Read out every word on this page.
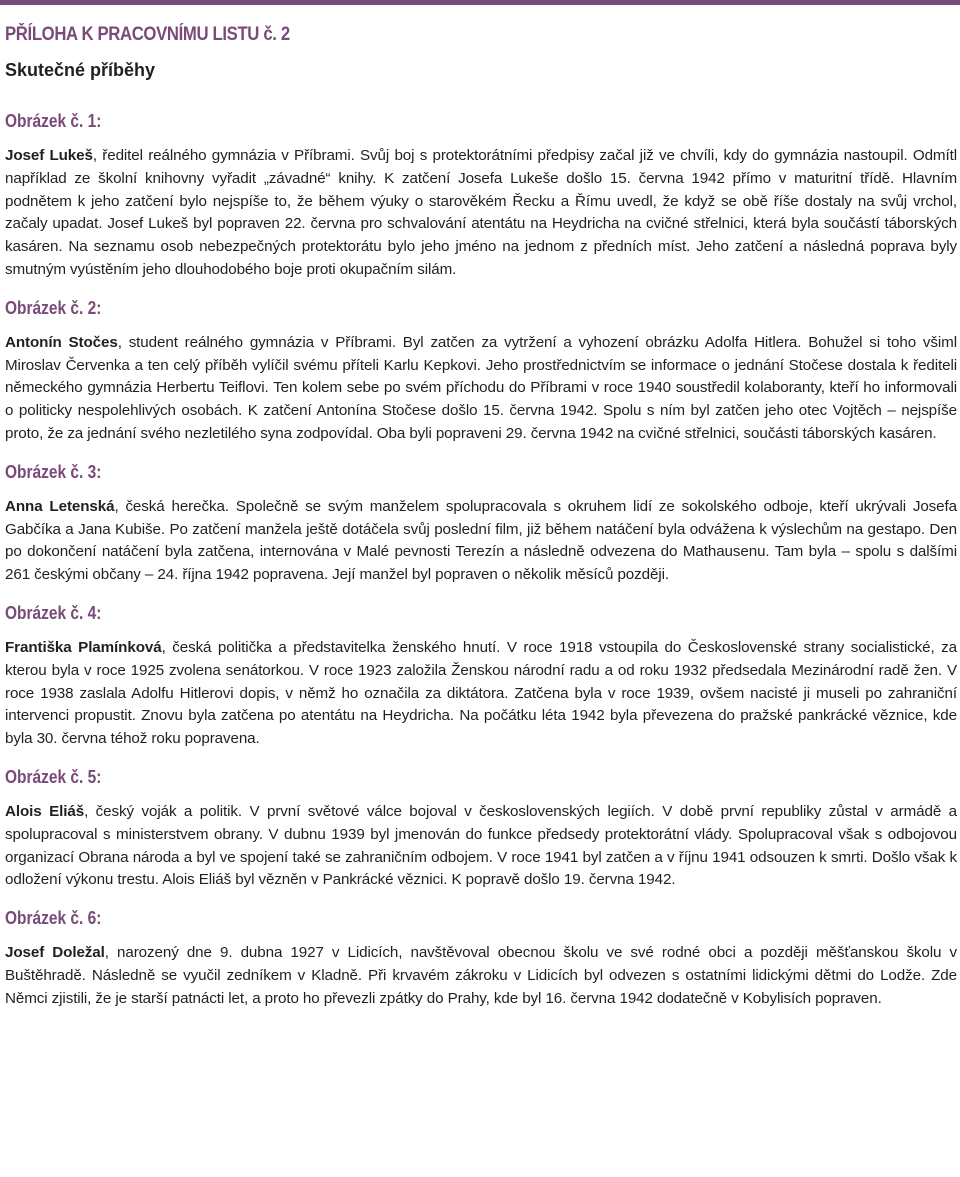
PŘÍLOHA K PRACOVNÍMU LISTU č. 2
Skutečné příběhy
Obrázek č. 1:

Josef Lukeš, ředitel reálného gymnázia v Příbrami. Svůj boj s protektorátními předpisy začal již ve chvíli, kdy do gymnázia nastoupil. Odmítl například ze školní knihovny vyřadit „závadné“ knihy. K zatčení Josefa Lukeše došlo 15. června 1942 přímo v maturitní třídě. Hlavním podnětem k jeho zatčení bylo nejspíše to, že během výuky o starověkém Řecku a Římu uvedl, že když se obě říše dostaly na svůj vrchol, začaly upadat. Josef Lukeš byl popraven 22. června pro schvalování atentátu na Heydricha na cvičné střelnici, která byla součástí táborských kasáren. Na seznamu osob nebezpečných protektorátu bylo jeho jméno na jednom z předních míst. Jeho zatčení a následná poprava byly smutným vyústěním jeho dlouhodobého boje proti okupačním silám.

Obrázek č. 2:

Antonín Stočes, student reálného gymnázia v Příbrami. Byl zatčen za vytržení a vyhození obrázku Adolfa Hitlera. Bohužel si toho všiml Miroslav Červenka a ten celý příběh vylíčil svému příteli Karlu Kepkovi. Jeho prostřednictvím se informace o jednání Stočese dostala k řediteli německého gymnázia Herbertu Teiflovi. Ten kolem sebe po svém příchodu do Příbrami v roce 1940 soustředil kolaboranty, kteří ho informovali o politicky nespolehlivých osobách. K zatčení Antonína Stočese došlo 15. června 1942. Spolu s ním byl zatčen jeho otec Vojtěch – nejspíše proto, že za jednání svého nezletilého syna zodpovídal. Oba byli popraveni 29. června 1942 na cvičné střelnici, součásti táborských kasáren.

Obrázek č. 3:

Anna Letenská, česká herečka. Společně se svým manželem spolupracovala s okruhem lidí ze sokolského odboje, kteří ukrývali Josefa Gabčíka a Jana Kubiše. Po zatčení manžela ještě dotáčela svůj poslední film, již během natáčení byla odvážena k výslechům na gestapo. Den po dokončení natáčení byla zatčena, internována v Malé pevnosti Terezín a následně odvezena do Mathausenu. Tam byla – spolu s dalšími 261 českými občany – 24. října 1942 popravena. Její manžel byl popraven o několik měsíců později.

Obrázek č. 4:

Františka Plamínková, česká politička a představitelka ženského hnutí. V roce 1918 vstoupila do Československé strany socialistické, za kterou byla v roce 1925 zvolena senátorkou. V roce 1923 založila Ženskou národní radu a od roku 1932 předsedala Mezinárodní radě žen. V roce 1938 zaslala Adolfu Hitlerovi dopis, v němž ho označila za diktátora. Zatčena byla v roce 1939, ovšem nacisté ji museli po zahraniční intervenci propustit. Znovu byla zatčena po atentátu na Heydricha. Na počátku léta 1942 byla převezena do pražské pankrácké věznice, kde byla 30. června téhož roku popravena.

Obrázek č. 5:

Alois Eliáš, český voják a politik. V první světové válce bojoval v československých legiích. V době první republiky zůstal v armádě a spolupracoval s ministerstvem obrany. V dubnu 1939 byl jmenován do funkce předsedy protektorátní vlády. Spolupracoval však s odbojovou organizací Obrana národa a byl ve spojení také se zahraničním odbojem. V roce 1941 byl zatčen a v říjnu 1941 odsouzen k smrti. Došlo však k odložení výkonu trestu. Alois Eliáš byl vězněn v Pankrácké věznici. K popravě došlo 19. června 1942.

Obrázek č. 6:

Josef Doležal, narozený dne 9. dubna 1927 v Lidicích, navštěvoval obecnou školu ve své rodné obci a později měšťanskou školu v Buštěhradě. Následně se vyučil zedníkem v Kladně. Při krvavém zákroku v Lidicích byl odvezen s ostatními lidickými dětmi do Lodže. Zde Němci zjistili, že je starší patnácti let, a proto ho převezli zpátky do Prahy, kde byl 16. června 1942 dodatečně v Kobylisích popraven.
